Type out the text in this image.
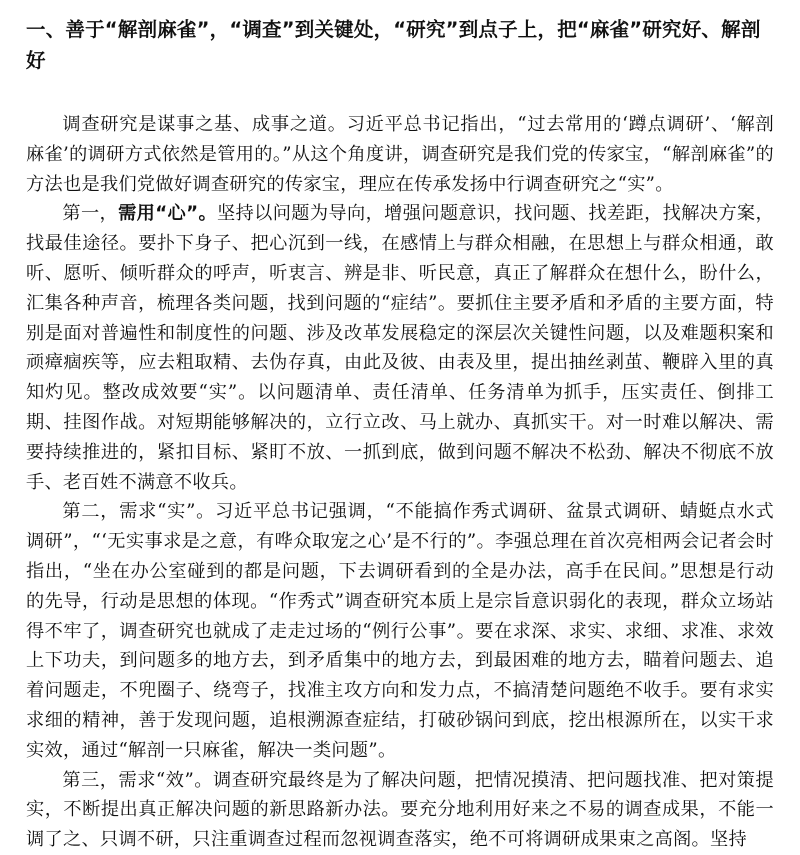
一、善于“解剖麻雀”，“调查”到关键处，“研究”到点子上，把“麻雀”研究好、解剖好

调查研究是谋事之基、成事之道。习近平总书记指出，“过去常用的‘蹲点调研’、‘解剖麻雀’的调研方式依然是管用的。”从这个角度讲，调查研究是我们党的传家宝，“解剖麻雀”的方法也是我们党做好调查研究的传家宝，理应在传承发扬中行调查研究之“实”。

第一，需用“心”。坚持以问题为导向，增强问题意识，找问题、找差距，找解决方案，找最佳途径。要扑下身子、把心沉到一线，在感情上与群众相融，在思想上与群众相通，敢听、愿听、倾听群众的呼声，听衷言、辨是非、听民意，真正了解群众在想什么，盼什么，汇集各种声音，梳理各类问题，找到问题的“症结”。要抓住主要矛盾和矛盾的主要方面，特别是面对普遍性和制度性的问题、涉及改革发展稳定的深层次关键性问题，以及难题积案和顽瘴痼疾等，应去粗取精、去伪存真，由此及彼、由表及里，提出抽丝剥茧、鞭辟入里的真知灼见。整改成效要“实”。以问题清单、责任清单、任务清单为抓手，压实责任、倒排工期、挂图作战。对短期能够解决的，立行立改、马上就办、真抓实干。对一时难以解决、需要持续推进的，紧扣目标、紧盯不放、一抓到底，做到问题不解决不松劲、解决不彻底不放手、老百姓不满意不收兵。

第二，需求“实”。习近平总书记强调，“不能搞作秀式调研、盆景式调研、蜻蜓点水式调研”，“‘无实事求是之意，有哗众取宠之心’是不行的”。李强总理在首次亮相两会记者会时指出，“坐在办公室碰到的都是问题，下去调研看到的全是办法，高手在民间。”思想是行动的先导，行动是思想的体现。“作秀式”调查研究本质上是宗旨意识弱化的表现，群众立场站得不牢了，调查研究也就成了走走过场的“例行公事”。要在求深、求实、求细、求准、求效上下功夫，到问题多的地方去，到矛盾集中的地方去，到最困难的地方去，瞄着问题去、追着问题走，不兜圈子、绕弯子，找准主攻方向和发力点，不搞清楚问题绝不收手。要有求实求细的精神，善于发现问题，追根溯源查症结，打破砂锅问到底，挖出根源所在，以实干求实效，通过“解剖一只麻雀，解决一类问题”。

第三，需求“效”。调查研究最终是为了解决问题，把情况摸清、把问题找准、把对策提实，不断提出真正解决问题的新思路新办法。要充分地利用好来之不易的调查成果，不能一调了之、只调不研，只注重调查过程而忽视调查落实，绝不可将调研成果束之高阁。坚持
